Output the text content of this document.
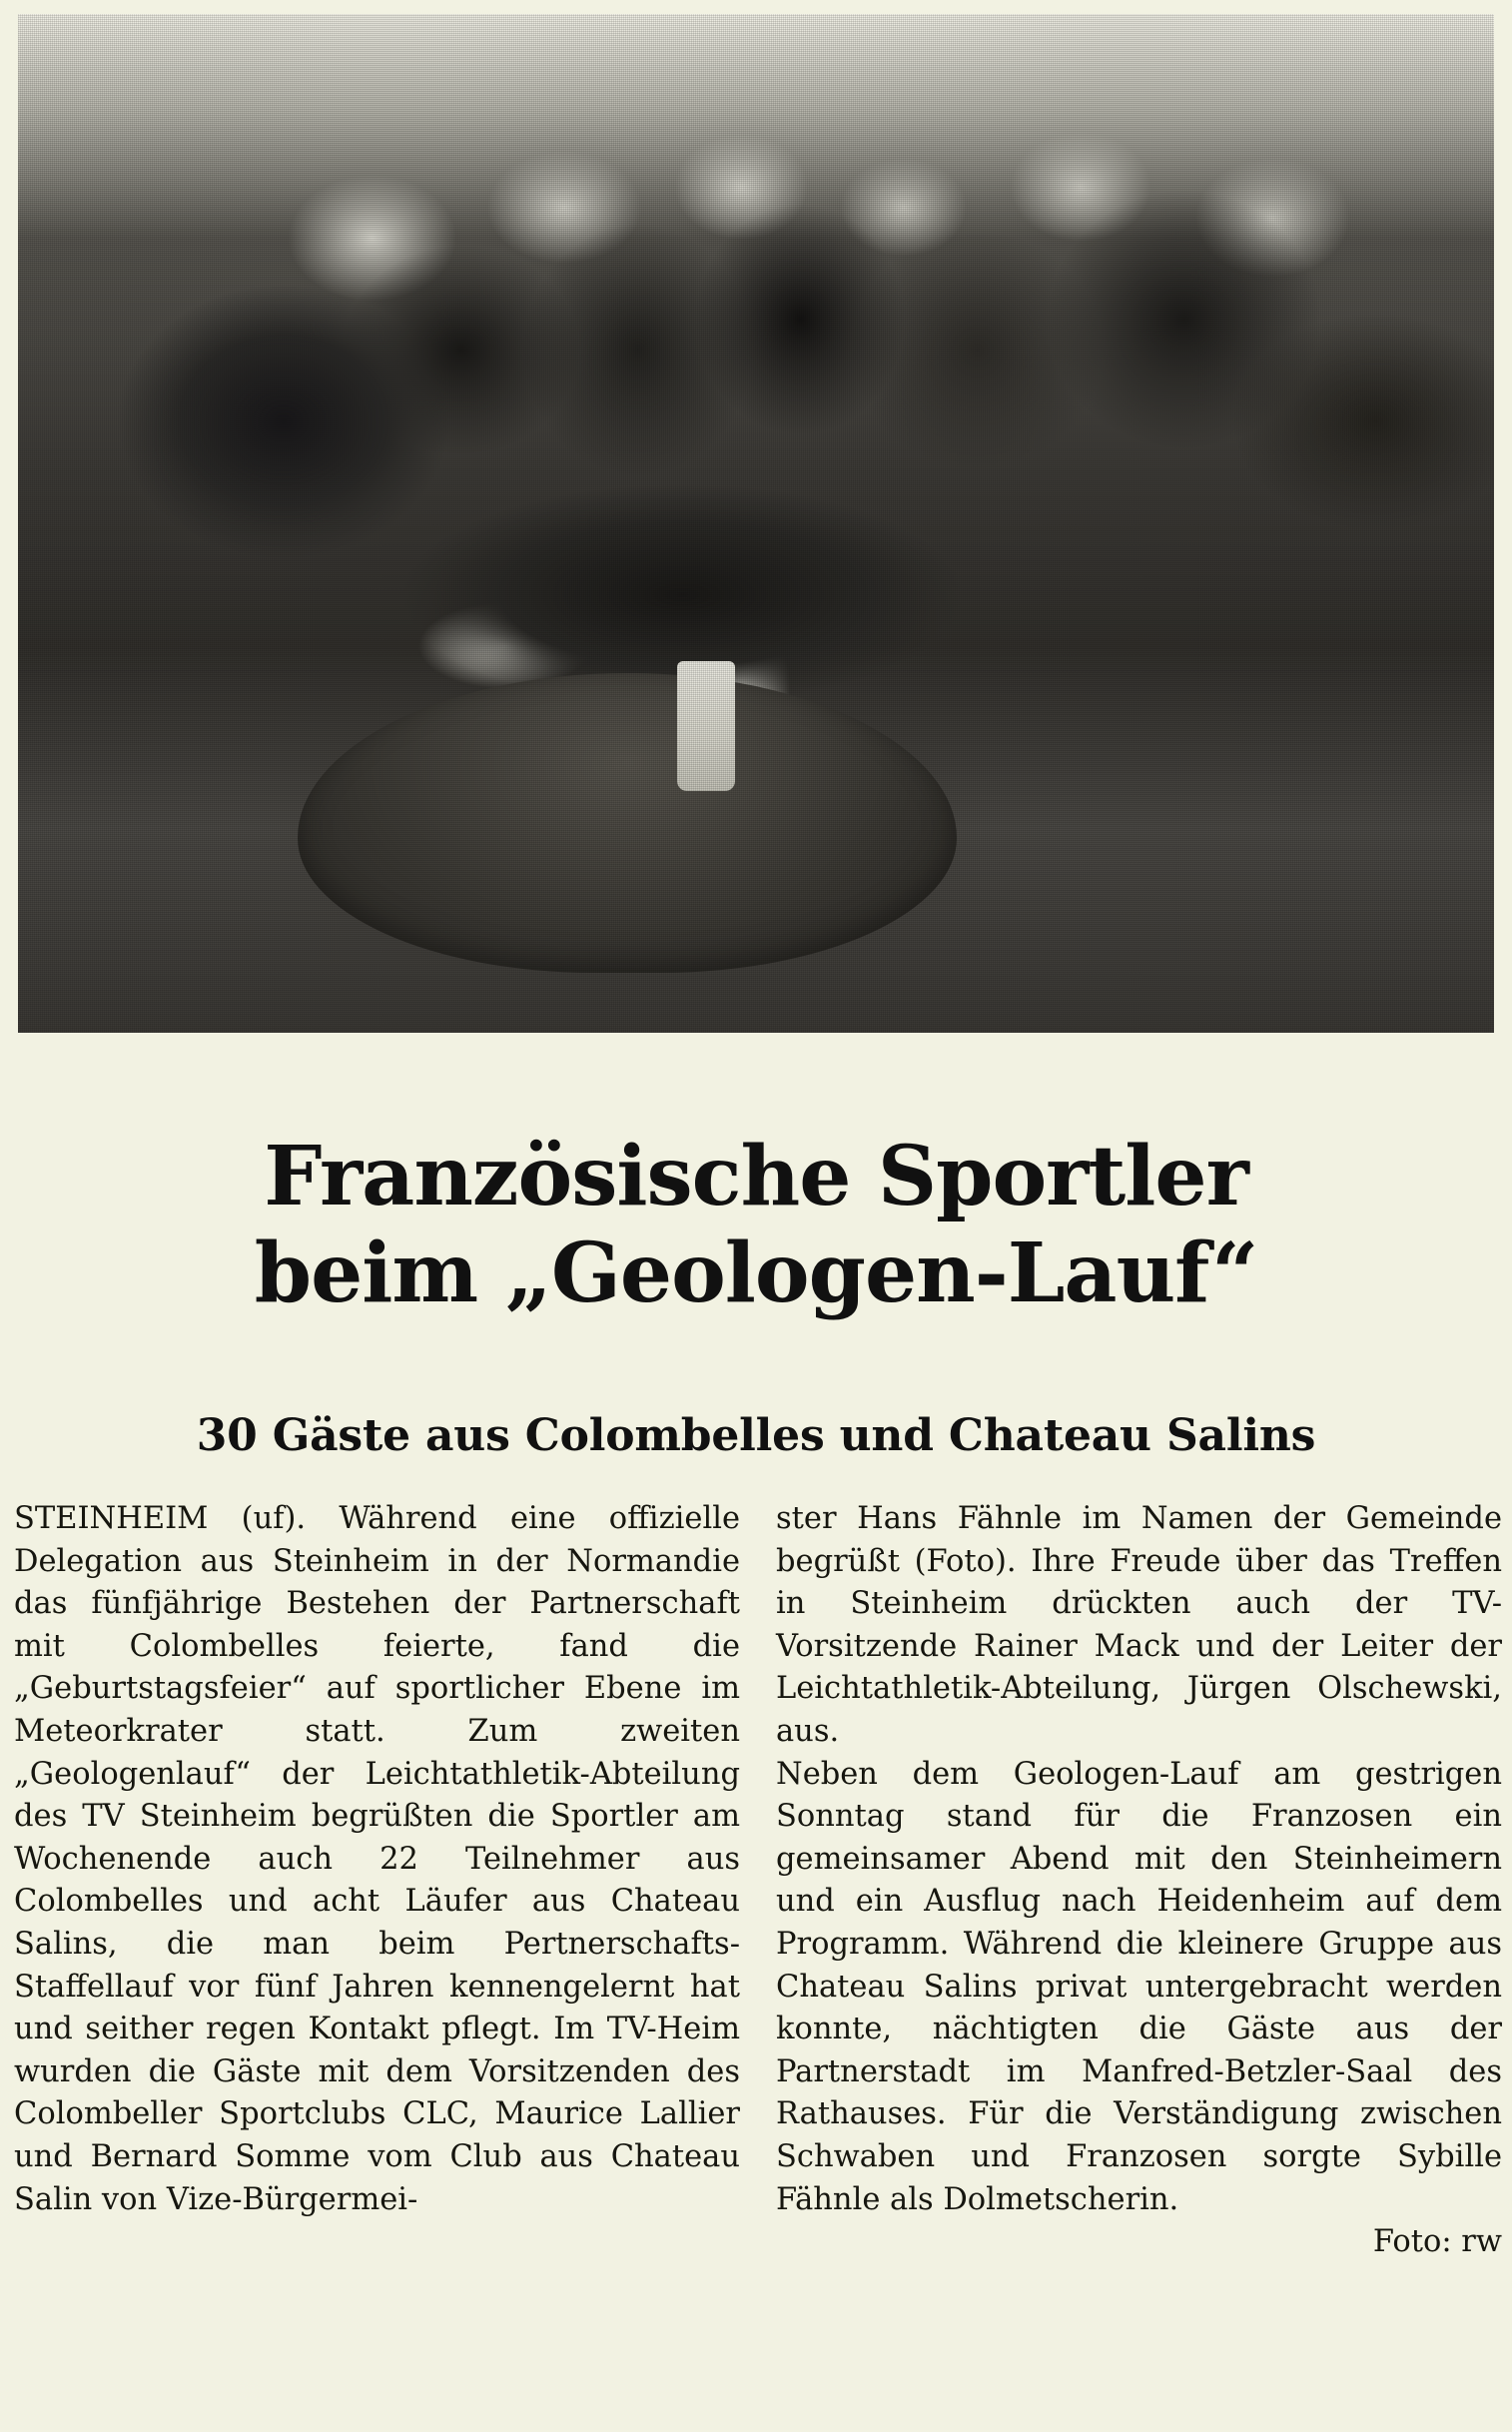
Französische Sportler
beim „Geologen-Lauf“
30 Gäste aus Colombelles und Chateau Salins

STEINHEIM (uf). Während eine offizielle Delegation aus Steinheim in der Normandie das fünfjährige Bestehen der Partnerschaft mit Colombelles feierte, fand die „Geburtstagsfeier“ auf sportlicher Ebene im Meteorkrater statt. Zum zweiten „Geologenlauf“ der Leichtathletik-Abteilung des TV Steinheim begrüßten die Sportler am Wochenende auch 22 Teilnehmer aus Colombelles und acht Läufer aus Chateau Salins, die man beim Pertnerschafts-Staffellauf vor fünf Jahren kennengelernt hat und seither regen Kontakt pflegt. Im TV-Heim wurden die Gäste mit dem Vorsitzenden des Colombeller Sportclubs CLC, Maurice Lallier und Bernard Somme vom Club aus Chateau Salin von Vize-Bürgermei-

ster Hans Fähnle im Namen der Gemeinde begrüßt (Foto). Ihre Freude über das Treffen in Steinheim drückten auch der TV-Vorsitzende Rainer Mack und der Leiter der Leichtathletik-Abteilung, Jürgen Olschewski, aus.

Neben dem Geologen-Lauf am gestrigen Sonntag stand für die Franzosen ein gemeinsamer Abend mit den Steinheimern und ein Ausflug nach Heidenheim auf dem Programm. Während die kleinere Gruppe aus Chateau Salins privat untergebracht werden konnte, nächtigten die Gäste aus der Partnerstadt im Manfred-Betzler-Saal des Rathauses. Für die Verständigung zwischen Schwaben und Franzosen sorgte Sybille Fähnle als Dolmetscherin.

Foto: rw
